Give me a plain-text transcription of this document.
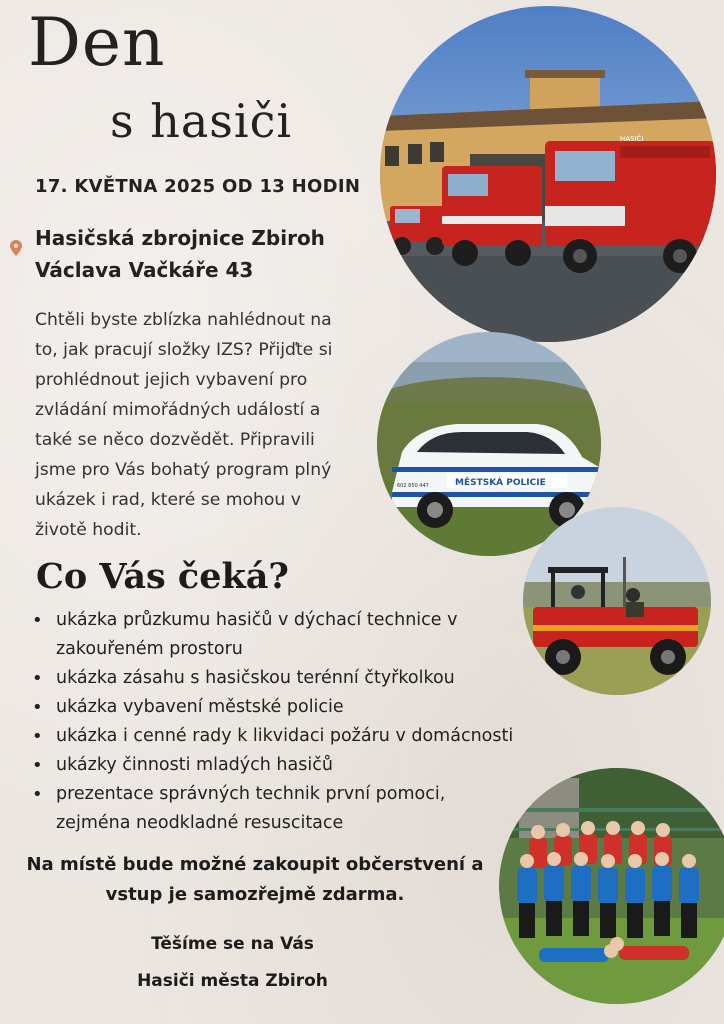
Den
s hasiči
17. KVĚTNA 2025 OD 13 HODIN
Hasičská zbrojnice Zbiroh
Václava Vačkáře 43
Chtěli byste zblízka nahlédnout na
to, jak pracují složky IZS? Přijďte si
prohlédnout jejich vybavení pro
zvládání mimořádných událostí a
také se něco dozvědět. Připravili
jsme pro Vás bohatý program plný
ukázek i rad, které se mohou v
životě hodit.
Co Vás čeká?
• ukázka průzkumu hasičů v dýchací technice v
zakouřeném prostoru
• ukázka zásahu s hasičskou terénní čtyřkolkou
• ukázka vybavení městské policie
• ukázka i cenné rady k likvidaci požáru v domácnosti
• ukázky činnosti mladých hasičů
• prezentace správných technik první pomoci,
zejména neodkladné resuscitace
Na místě bude možné zakoupit občerstvení a
vstup je samozřejmě zdarma.
Těšíme se na Vás
Hasiči města Zbiroh
HASIČI
MĚSTSKÁ POLICIE
602 850 447
